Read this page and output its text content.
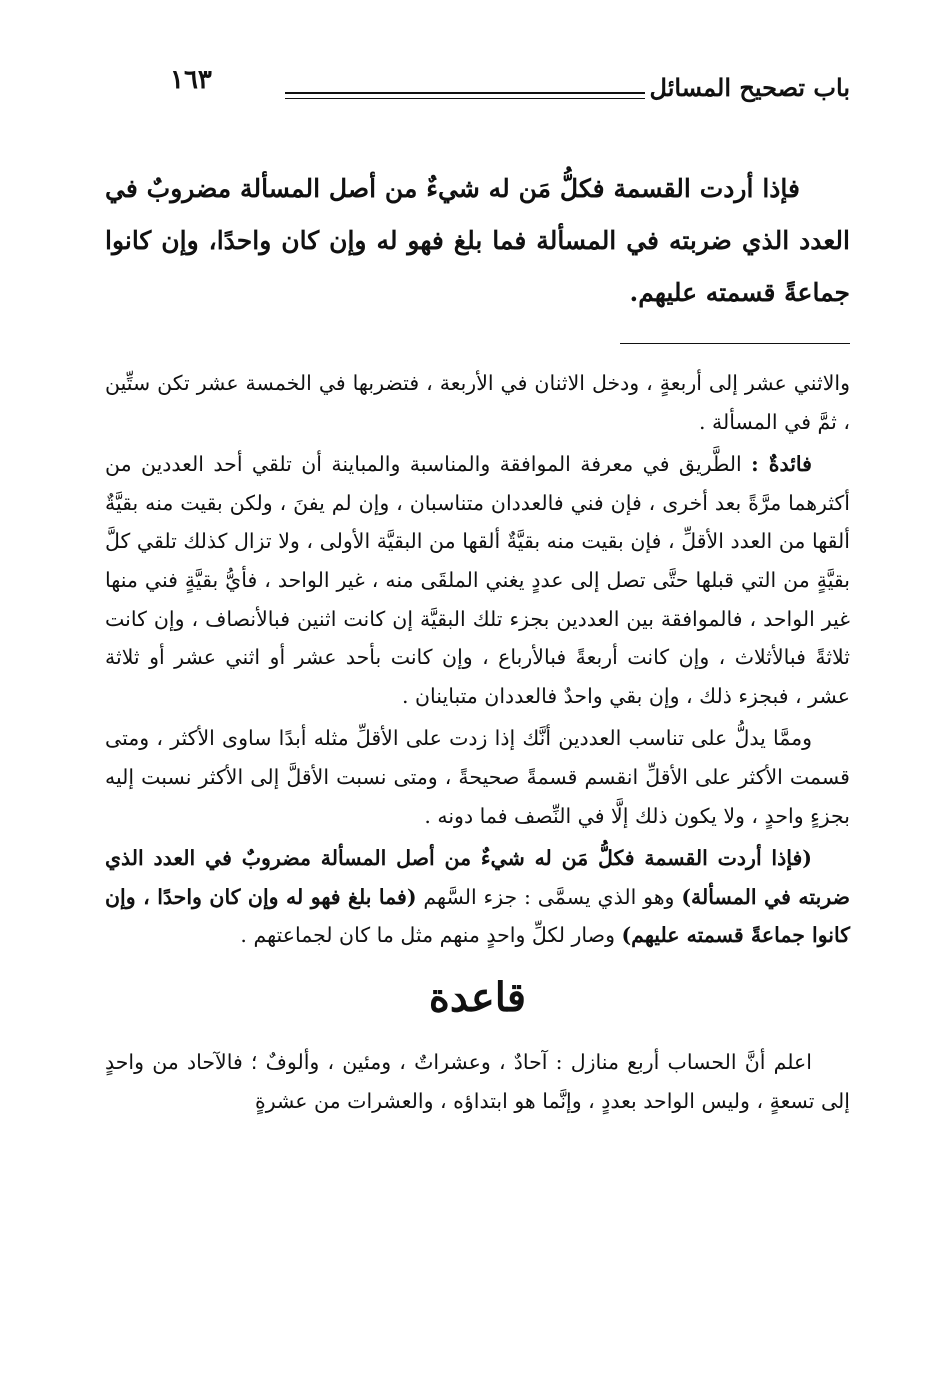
باب تصحيح المسائل
١٦٣
فإذا أردت القسمة فكلُّ مَن له شيءٌ من أصل المسألة مضروبٌ في العدد الذي ضربته في المسألة فما بلغ فهو له وإن كان واحدًا، وإن كانوا جماعةً قسمته عليهم.

والاثني عشر إلى أربعةٍ ، ودخل الاثنان في الأربعة ، فتضربها في الخمسة عشر تكن ستِّين ، ثمَّ في المسألة .

فائدةٌ : الطَّريق في معرفة الموافقة والمناسبة والمباينة أن تلقي أحد العددين من أكثرهما مرَّةً بعد أخرى ، فإن فني فالعددان متناسبان ، وإن لم يفنَ ، ولكن بقيت منه بقيَّةٌ ألقها من العدد الأقلِّ ، فإن بقيت منه بقيَّةٌ ألقها من البقيَّة الأولى ، ولا تزال كذلك تلقي كلَّ بقيَّةٍ من التي قبلها حتَّى تصل إلى عددٍ يغني الملقَى منه ، غير الواحد ، فأيُّ بقيَّةٍ فني منها غير الواحد ، فالموافقة بين العددين بجزء تلك البقيَّة إن كانت اثنين فبالأنصاف ، وإن كانت ثلاثةً فبالأثلاث ، وإن كانت أربعةً فبالأرباع ، وإن كانت بأحد عشر أو اثني عشر أو ثلاثة عشر ، فبجزء ذلك ، وإن بقي واحدٌ فالعددان متباينان .

وممَّا يدلُّ على تناسب العددين أنَّك إذا زدت على الأقلِّ مثله أبدًا ساوى الأكثر ، ومتى قسمت الأكثر على الأقلِّ انقسم قسمةً صحيحةً ، ومتى نسبت الأقلَّ إلى الأكثر نسبت إليه بجزءٍ واحدٍ ، ولا يكون ذلك إلَّا في النِّصف فما دونه .

(فإذا أردت القسمة فكلُّ مَن له شيءٌ من أصل المسألة مضروبٌ في العدد الذي ضربته في المسألة) وهو الذي يسمَّى : جزء السَّهم (فما بلغ فهو له وإن كان واحدًا ، وإن كانوا جماعةً قسمته عليهم) وصار لكلِّ واحدٍ منهم مثل ما كان لجماعتهم .

قاعدة

اعلم أنَّ الحساب أربع منازل : آحادٌ ، وعشراتٌ ، ومئين ، وألوفٌ ؛ فالآحاد من واحدٍ إلى تسعةٍ ، وليس الواحد بعددٍ ، وإنَّما هو ابتداؤه ، والعشرات من عشرةٍ
